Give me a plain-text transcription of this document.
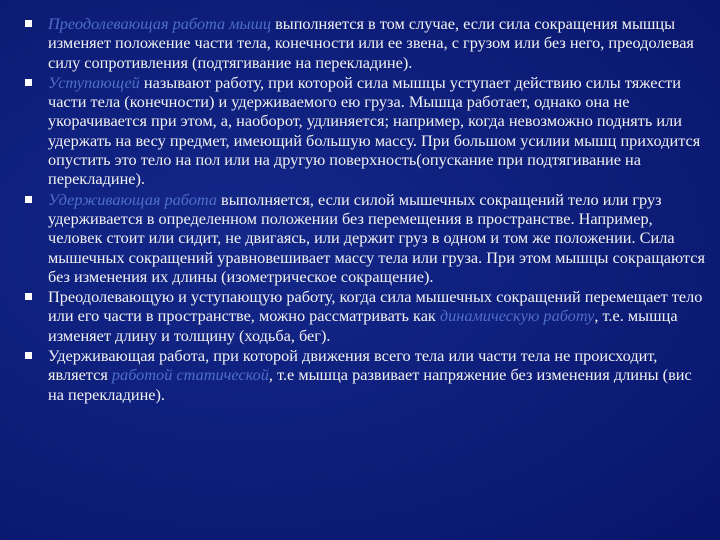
Преодолевающая работа мышц выполняется в том случае, если сила сокращения мышцы изменяет положение части тела, конечности или ее звена, с грузом или без него, преодолевая силу сопротивления (подтягивание на перекладине).
Уступающей называют работу, при которой сила мышцы уступает действию силы тяжести части тела (конечности) и удерживаемого ею груза. Мышца работает, однако она не укорачивается при этом, а, наоборот, удлиняется; например, когда невозможно поднять или удержать на весу предмет, имеющий большую массу. При большом усилии мышц приходится опустить это тело на пол или на другую поверхность(опускание при подтягивание на перекладине).
Удерживающая работа выполняется, если силой мышечных сокращений тело или груз удерживается в определенном положении без перемещения в пространстве. Например, человек стоит или сидит, не двигаясь, или держит груз в одном и том же положении. Сила мышечных сокращений уравновешивает массу тела или груза. При этом мышцы сокращаются без изменения их длины (изометрическое сокращение).
Преодолевающую и уступающую работу, когда сила мышечных сокращений перемещает тело или его части в пространстве, можно рассматривать как динамическую работу, т.е. мышца изменяет длину и толщину (ходьба, бег).
Удерживающая работа, при которой движения всего тела или части тела не происходит, является работой статической, т.е мышца развивает напряжение без изменения длины (вис на перекладине).
